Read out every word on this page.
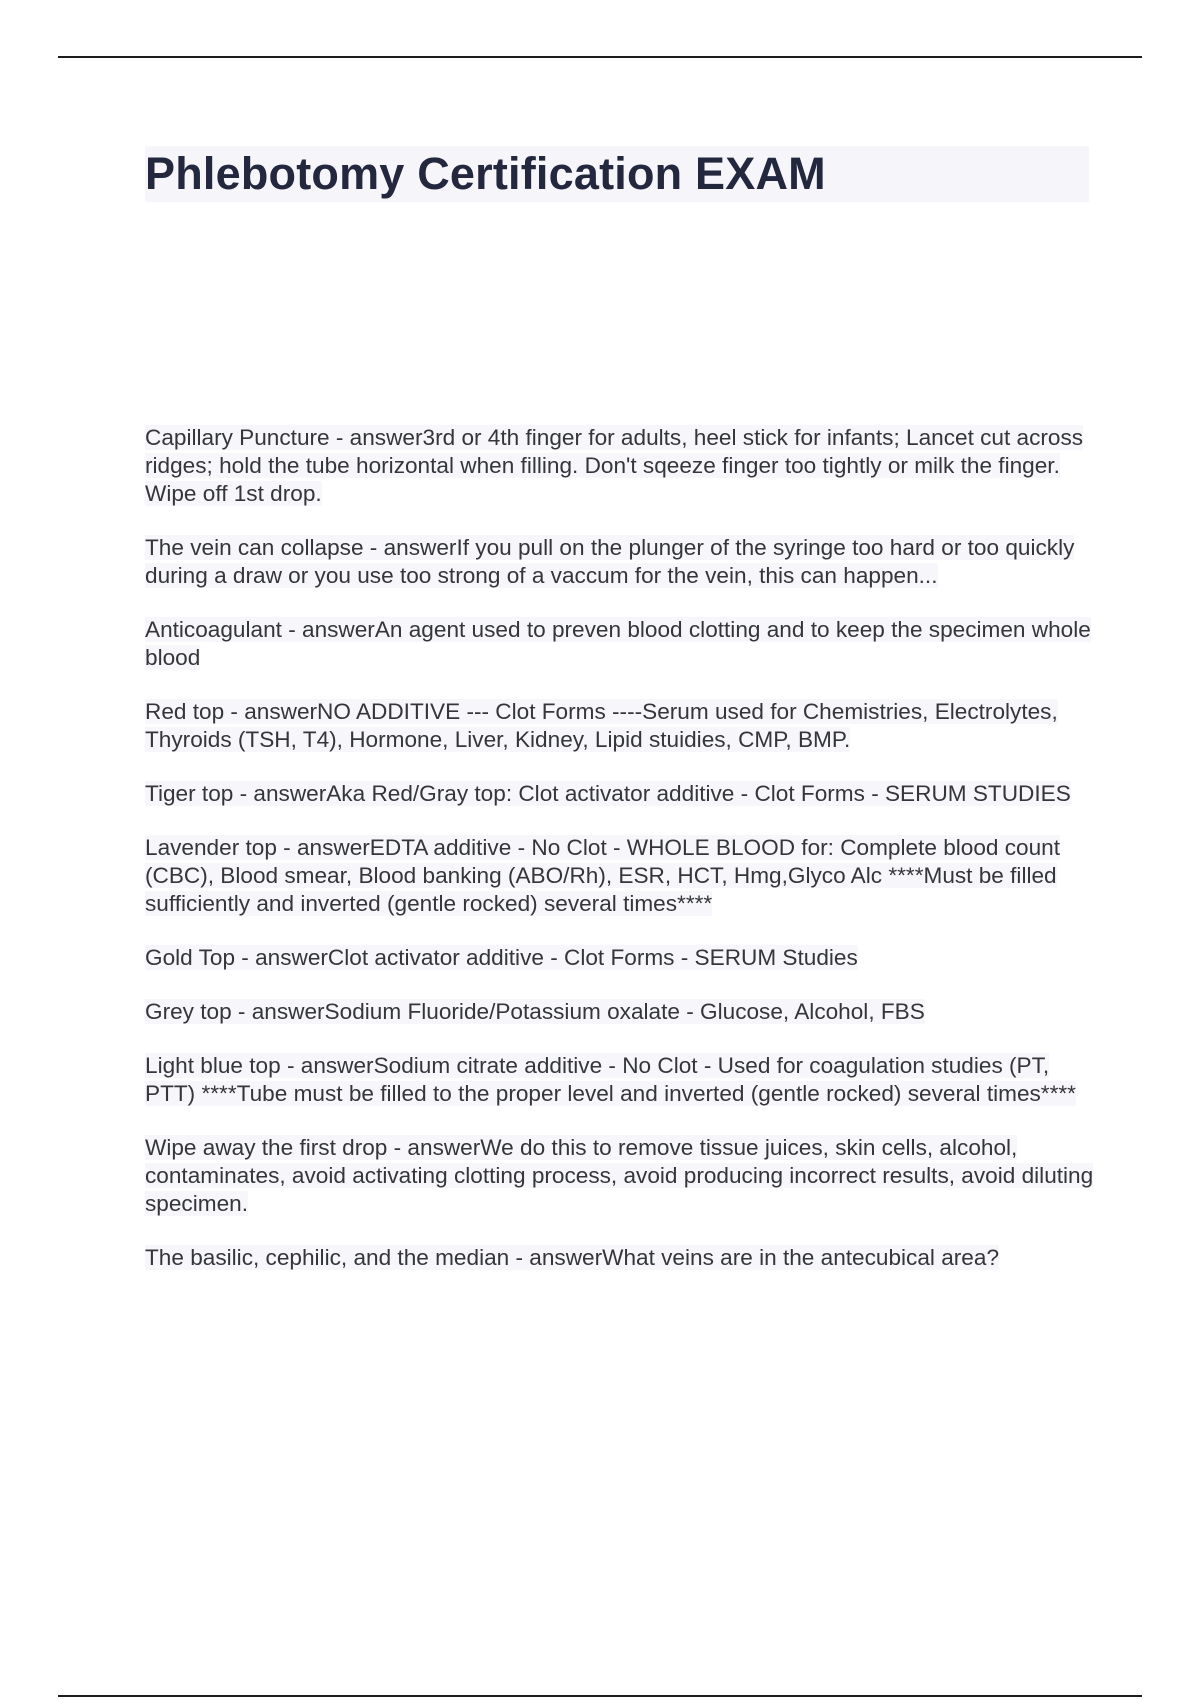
Phlebotomy Certification EXAM
Capillary Puncture - answer3rd or 4th finger for adults, heel stick for infants; Lancet cut across ridges; hold the tube horizontal when filling. Don't sqeeze finger too tightly or milk the finger. Wipe off 1st drop.
The vein can collapse - answerIf you pull on the plunger of the syringe too hard or too quickly during a draw or you use too strong of a vaccum for the vein, this can happen...
Anticoagulant - answerAn agent used to preven blood clotting and to keep the specimen whole blood
Red top - answerNO ADDITIVE --- Clot Forms ----Serum used for Chemistries, Electrolytes, Thyroids (TSH, T4), Hormone, Liver, Kidney, Lipid stuidies, CMP, BMP.
Tiger top - answerAka Red/Gray top: Clot activator additive - Clot Forms - SERUM STUDIES
Lavender top - answerEDTA additive - No Clot - WHOLE BLOOD for: Complete blood count (CBC), Blood smear, Blood banking (ABO/Rh), ESR, HCT, Hmg,Glyco Alc ****Must be filled sufficiently and inverted (gentle rocked) several times****
Gold Top - answerClot activator additive - Clot Forms - SERUM Studies
Grey top - answerSodium Fluoride/Potassium oxalate - Glucose, Alcohol, FBS
Light blue top - answerSodium citrate additive - No Clot - Used for coagulation studies (PT, PTT) ****Tube must be filled to the proper level and inverted (gentle rocked) several times****
Wipe away the first drop - answerWe do this to remove tissue juices, skin cells, alcohol, contaminates, avoid activating clotting process, avoid producing incorrect results, avoid diluting specimen.
The basilic, cephilic, and the median - answerWhat veins are in the antecubical area?
